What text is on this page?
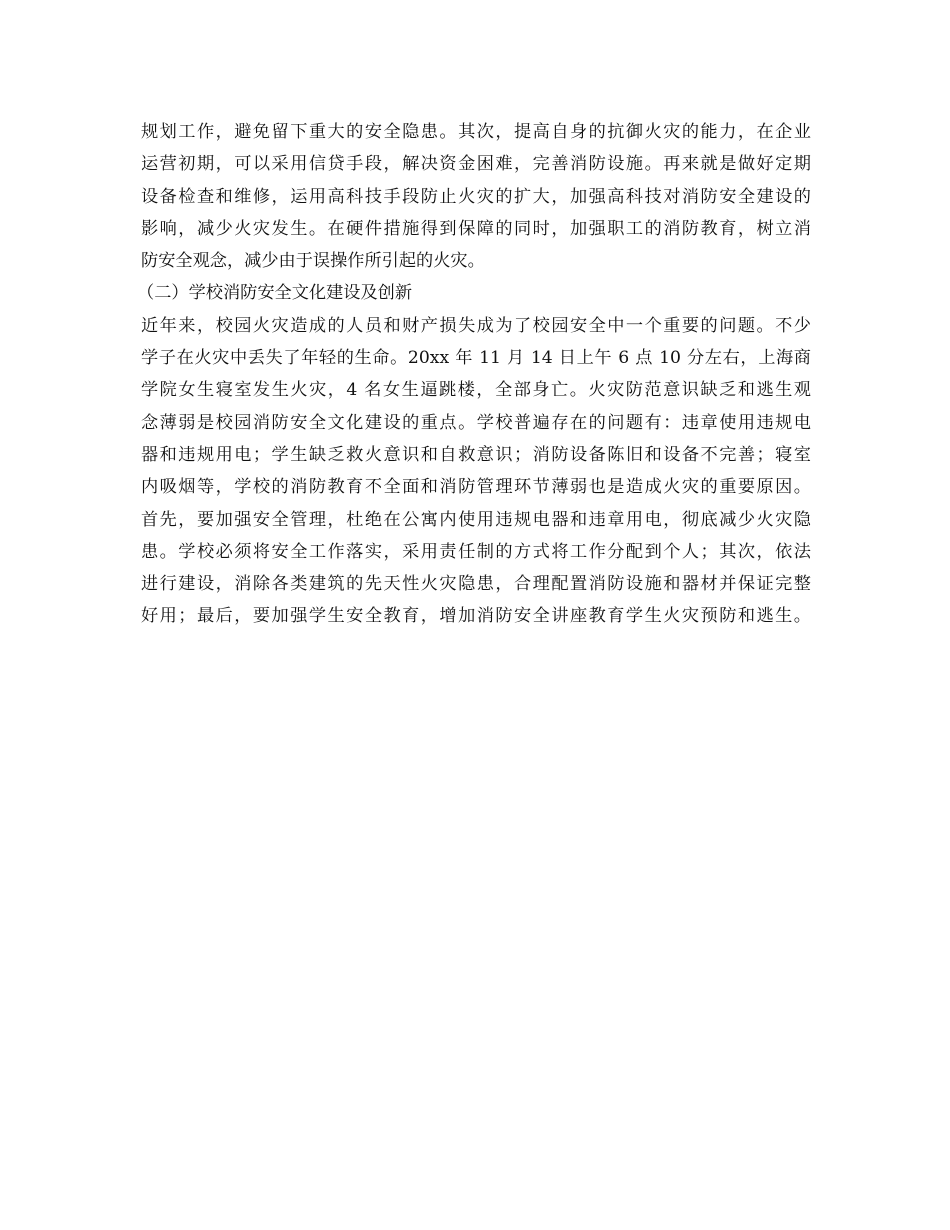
规划工作，避免留下重大的安全隐患。其次，提高自身的抗御火灾的能力，在企业
运营初期，可以采用信贷手段，解决资金困难，完善消防设施。再来就是做好定期
设备检查和维修，运用高科技手段防止火灾的扩大，加强高科技对消防安全建设的
影响，减少火灾发生。在硬件措施得到保障的同时，加强职工的消防教育，树立消
防安全观念，减少由于误操作所引起的火灾。
（二）学校消防安全文化建设及创新
近年来，校园火灾造成的人员和财产损失成为了校园安全中一个重要的问题。不少
学子在火灾中丢失了年轻的生命。20xx 年 11 月 14 日上午 6 点 10 分左右，上海商
学院女生寝室发生火灾，4 名女生逼跳楼，全部身亡。火灾防范意识缺乏和逃生观
念薄弱是校园消防安全文化建设的重点。学校普遍存在的问题有：违章使用违规电
器和违规用电；学生缺乏救火意识和自救意识；消防设备陈旧和设备不完善；寝室
内吸烟等，学校的消防教育不全面和消防管理环节薄弱也是造成火灾的重要原因。
首先，要加强安全管理，杜绝在公寓内使用违规电器和违章用电，彻底减少火灾隐
患。学校必须将安全工作落实，采用责任制的方式将工作分配到个人；其次，依法
进行建设，消除各类建筑的先天性火灾隐患，合理配置消防设施和器材并保证完整
好用；最后，要加强学生安全教育，增加消防安全讲座教育学生火灾预防和逃生。
